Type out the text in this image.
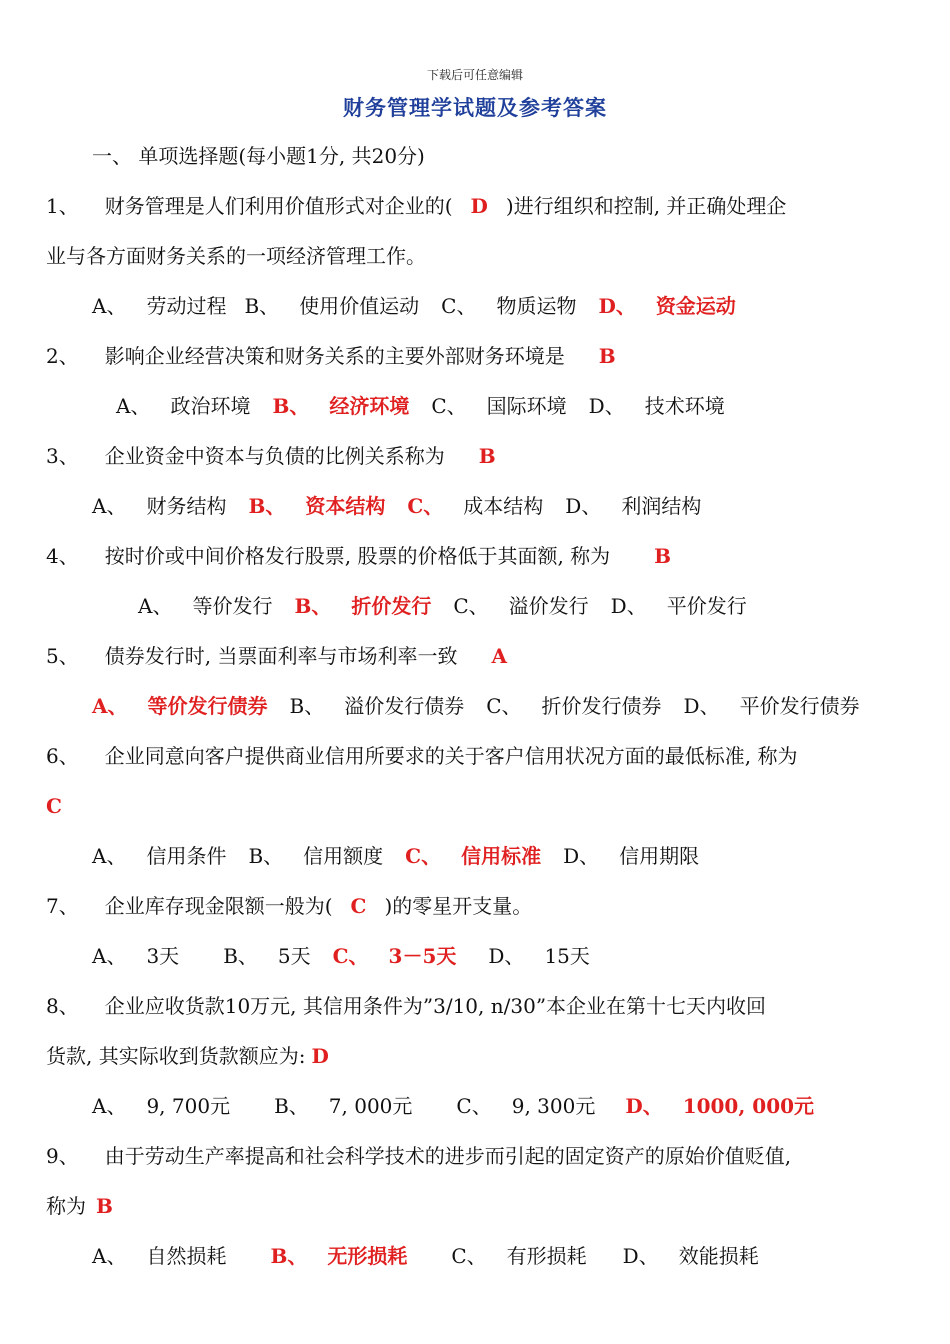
下载后可任意编辑
财务管理学试题及参考答案
一、 单项选择题(每小题1分, 共20分)
1、 财务管理是人们利用价值形式对企业的( D )进行组织和控制, 并正确处理企
业与各方面财务关系的一项经济管理工作。
A、 劳动过程 B、 使用价值运动 C、 物质运物 D、 资金运动
2、 影响企业经营决策和财务关系的主要外部财务环境是 B
A、 政治环境 B、 经济环境 C、 国际环境 D、 技术环境
3、 企业资金中资本与负债的比例关系称为 B
A、 财务结构 B、 资本结构 C、 成本结构 D、 利润结构
4、 按时价或中间价格发行股票, 股票的价格低于其面额, 称为 B
A、 等价发行 B、 折价发行 C、 溢价发行 D、 平价发行
5、 债券发行时, 当票面利率与市场利率一致 A
A、 等价发行债券 B、 溢价发行债券 C、 折价发行债券 D、 平价发行债券
6、 企业同意向客户提供商业信用所要求的关于客户信用状况方面的最低标准, 称为
C
A、 信用条件 B、 信用额度 C、 信用标准 D、 信用期限
7、 企业库存现金限额一般为( C )的零星开支量。
A、 3天 B、 5天 C、 3－5天 D、 15天
8、 企业应收货款10万元, 其信用条件为”3/10, n/30”本企业在第十七天内收回
货款, 其实际收到货款额应为: D
A、 9, 700元 B、 7, 000元 C、 9, 300元 D、 1000, 000元
9、 由于劳动生产率提高和社会科学技术的进步而引起的固定资产的原始价值贬值,
称为 B
A、 自然损耗 B、 无形损耗 C、 有形损耗 D、 效能损耗
